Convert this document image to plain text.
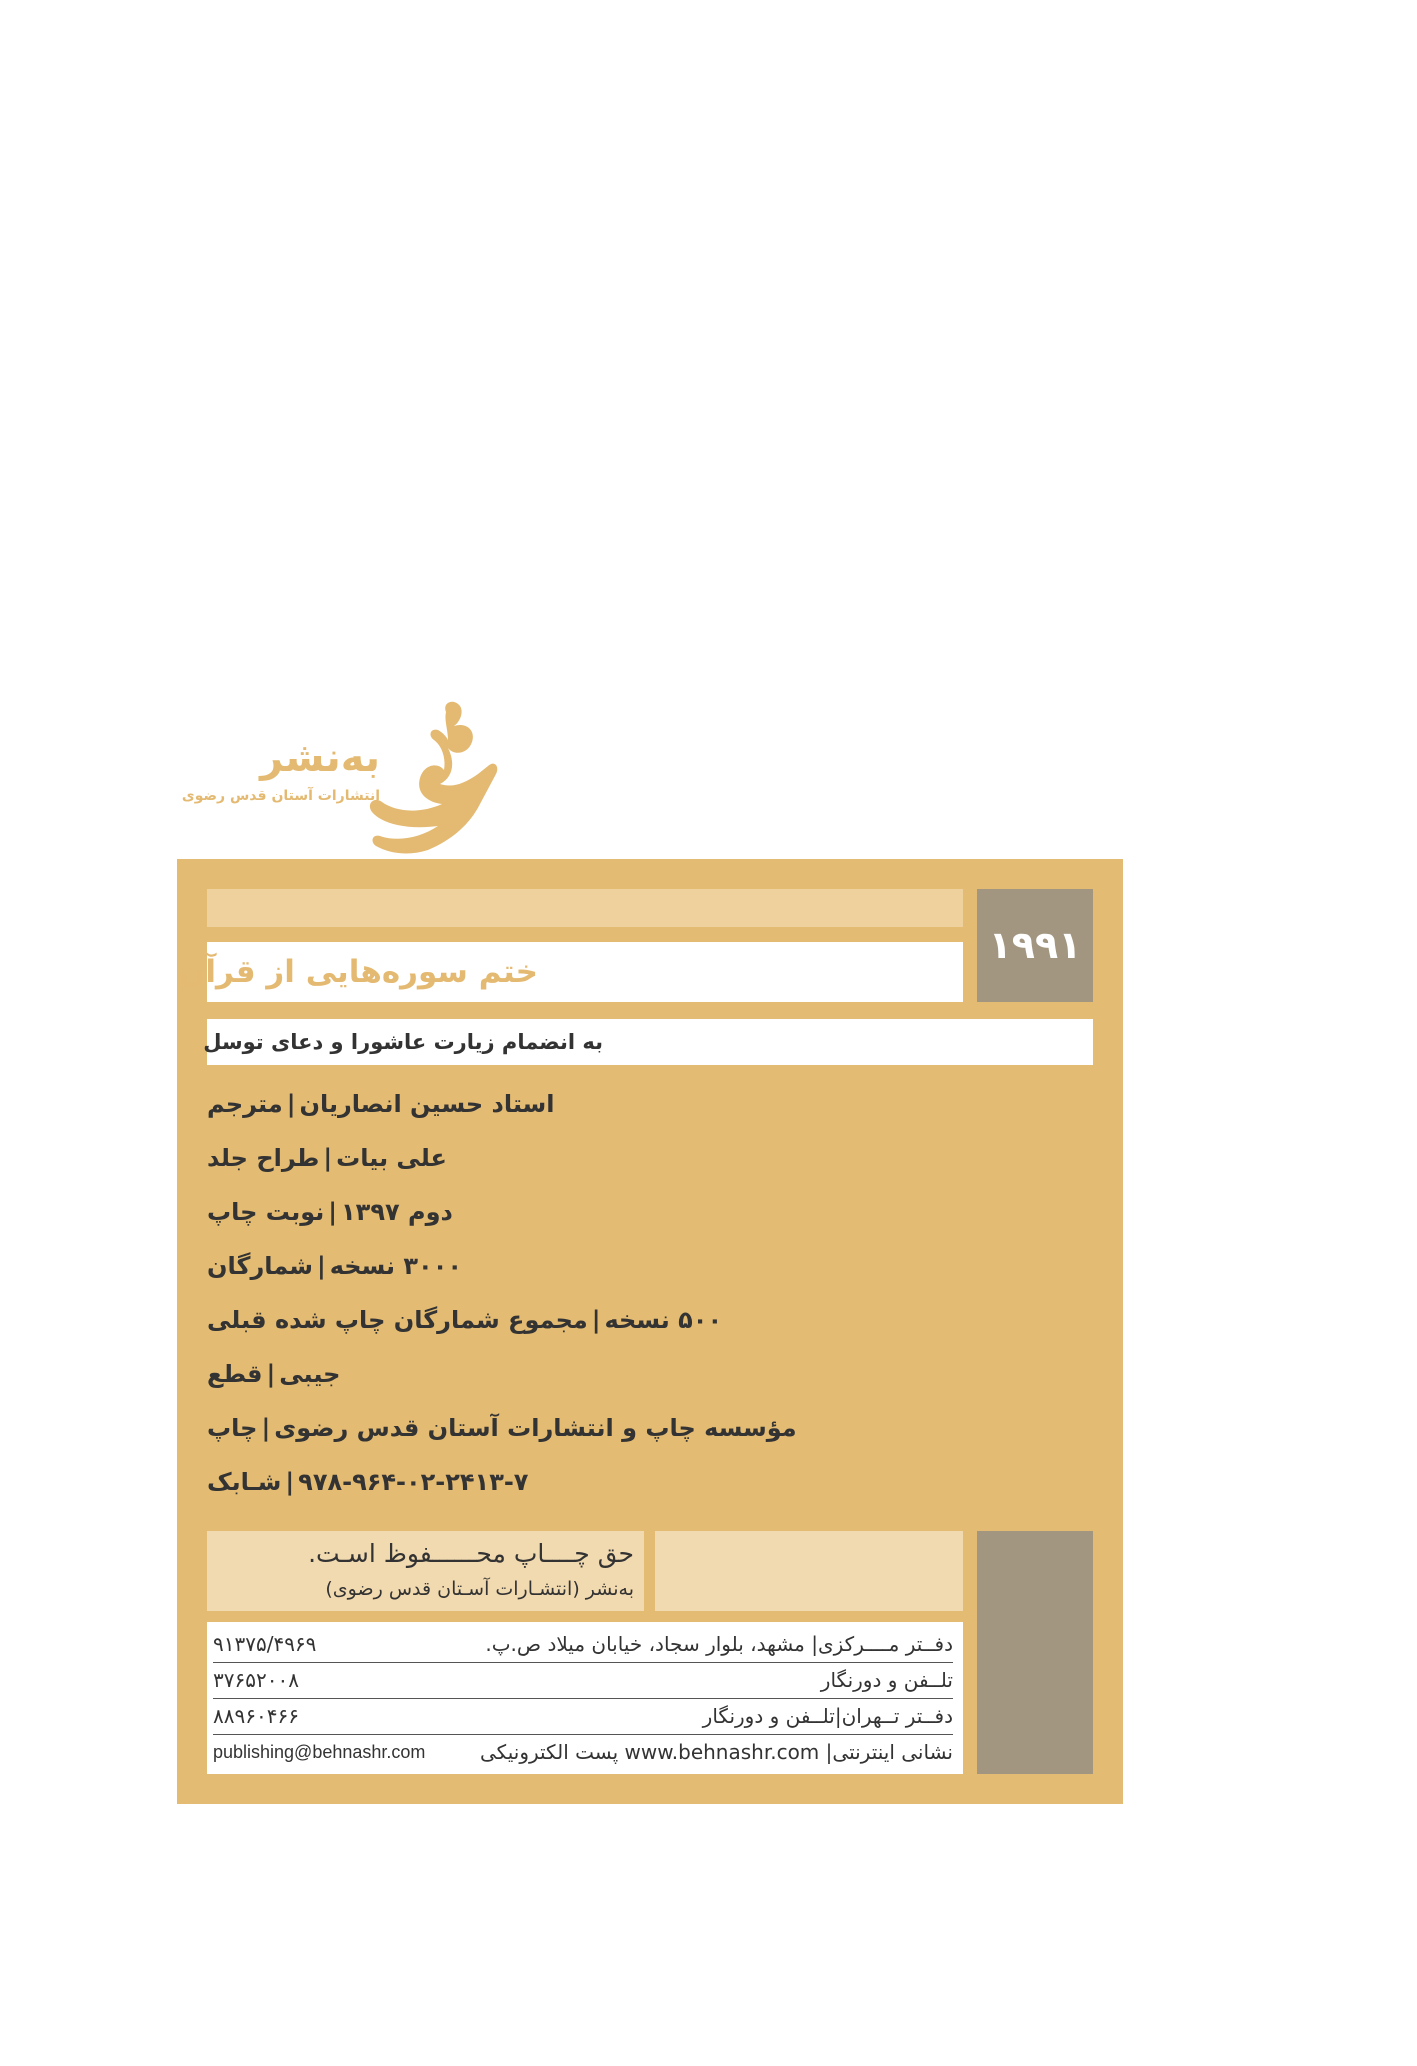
به‌نشر
انتشارات آستان قدس رضوی
ختم سوره‌هایی از قرآن
۱۹۹۱
به انضمام زیارت عاشورا و دعای توسل
استاد حسین انصاریان|مترجم
علی بیات|طراح جلد
دوم ۱۳۹۷|نوبت چاپ
۳۰۰۰ نسخه|شمارگان
۵۰۰ نسخه|مجموع شمارگان چاپ شده قبلی
جیبی|قطع
مؤسسه چاپ و انتشارات آستان قدس رضوی|چاپ
۹۷۸-۹۶۴-۰۲-۲۴۱۳-۷|شـابک
حق چــــاپ محــــــفوظ اسـت.
به‌نشر (انتشـارات آسـتان قدس رضوی)
دفــتر مــــرکزی| مشهد، بلوار سجاد، خیابان میلاد ص.پ.
۹۱۳۷۵/۴۹۶۹
تلــفن و دورنگار
۳۷۶۵۲۰۰۸
دفــتر تــهران|تلــفن و دورنگار
۸۸۹۶۰۴۶۶
نشانی اینترنتی| www.behnashr.com پست الکترونیکی
publishing@behnashr.com
